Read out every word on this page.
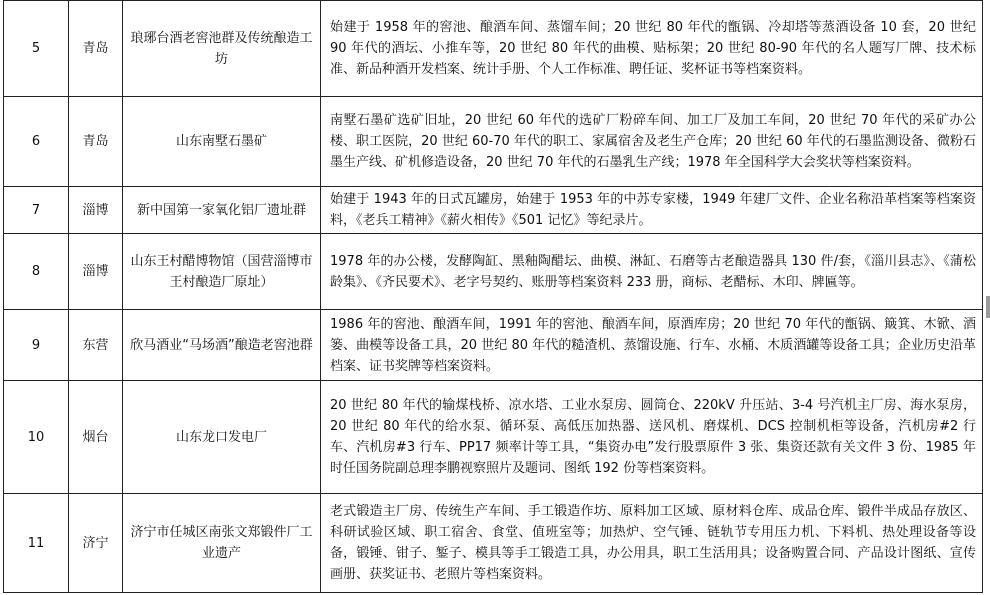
5	青岛	琅琊台酒老窖池群及传统酿造工坊	始建于 1958 年的窖池、酿酒车间、蒸馏车间；20 世纪 80 年代的甑锅、冷却塔等蒸酒设备 10 套，20 世纪 90 年代的酒坛、小推车等，20 世纪 80 年代的曲模、贴标架；20 世纪 80-90 年代的名人题写厂牌、技术标准、新品种酒开发档案、统计手册、个人工作标准、聘任证、奖杯证书等档案资料。
6	青岛	山东南墅石墨矿	南墅石墨矿选矿旧址，20 世纪 60 年代的选矿厂粉碎车间、加工厂及加工车间，20 世纪 70 年代的采矿办公楼、职工医院，20 世纪 60-70 年代的职工、家属宿舍及老生产仓库；20 世纪 60 年代的石墨监测设备、微粉石墨生产线、矿机修造设备，20 世纪 70 年代的石墨乳生产线；1978 年全国科学大会奖状等档案资料。
7	淄博	新中国第一家氧化铝厂遗址群	始建于 1943 年的日式瓦罐房，始建于 1953 年的中苏专家楼，1949 年建厂文件、企业名称沿革档案等档案资料，《老兵工精神》《薪火相传》《501 记忆》等纪录片。
8	淄博	山东王村醋博物馆（国营淄博市王村酿造厂原址）	1978 年的办公楼，发酵陶缸、黑釉陶醋坛、曲模、淋缸、石磨等古老酿造器具 130 件/套，《淄川县志》、《蒲松龄集》、《齐民要术》、老字号契约、账册等档案资料 233 册，商标、老醋标、木印、牌匾等。
9	东营	欣马酒业“马场酒”酿造老窖池群	1986 年的窖池、酿酒车间，1991 年的窖池、酿酒车间，原酒库房；20 世纪 70 年代的甑锅、簸箕、木锨、酒篓、曲模等设备工具，20 世纪 80 年代的糙渣机、蒸馏设施、行车、水桶、木质酒罐等设备工具；企业历史沿革档案、证书奖牌等档案资料。
10	烟台	山东龙口发电厂	20 世纪 80 年代的输煤栈桥、凉水塔、工业水泵房、圆筒仓、220kV 升压站、3-4 号汽机主厂房、海水泵房，20 世纪 80 年代的给水泵、循环泵、高低压加热器、送风机、磨煤机、DCS 控制机柜等设备，汽机房#2 行车、汽机房#3 行车、PP17 频率计等工具，“集资办电”发行股票原件 3 张、集资还款有关文件 3 份、1985 年时任国务院副总理李鹏视察照片及题词、图纸 192 份等档案资料。
11	济宁	济宁市任城区南张文郑锻件厂工业遗产	老式锻造主厂房、传统生产车间、手工锻造作坊、原料加工区域、原材料仓库、成品仓库、锻件半成品存放区、科研试验区域、职工宿舍、食堂、值班室等；加热炉、空气锤、链轨节专用压力机、下料机、热处理设备等设备，锻锤、钳子、錾子、模具等手工锻造工具，办公用具，职工生活用具；设备购置合同、产品设计图纸、宣传画册、获奖证书、老照片等档案资料。
